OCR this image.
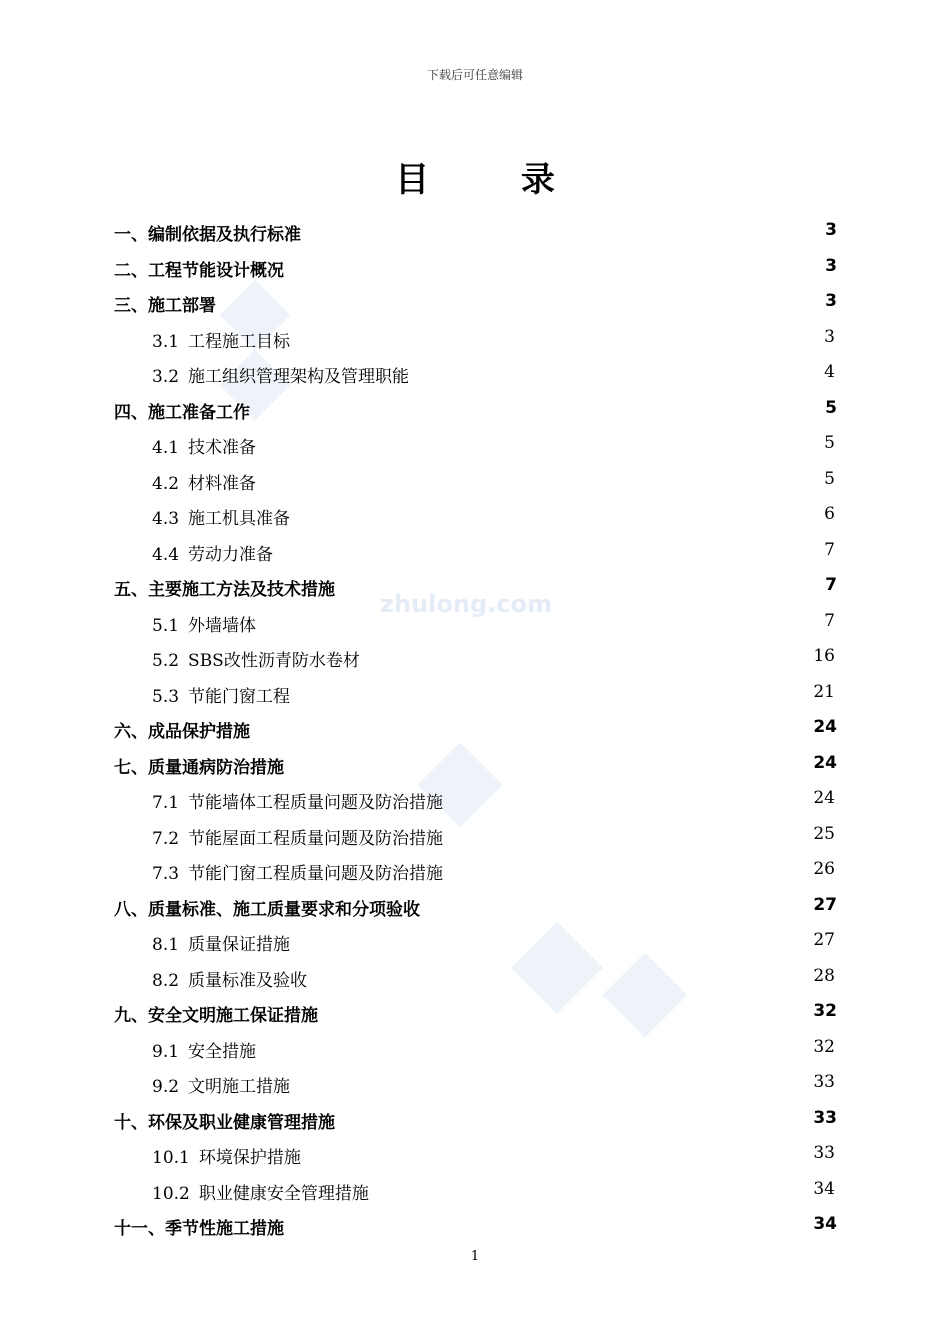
下载后可任意编辑
目 录
zhulong.com
一、编制依据及执行标准	3
二、工程节能设计概况	3
三、施工部署	3
3.1 工程施工目标	3
3.2 施工组织管理架构及管理职能	4
四、施工准备工作	5
4.1 技术准备	5
4.2 材料准备	5
4.3 施工机具准备	6
4.4 劳动力准备	7
五、主要施工方法及技术措施	7
5.1 外墙墙体	7
5.2 SBS改性沥青防水卷材	16
5.3 节能门窗工程	21
六、成品保护措施	24
七、质量通病防治措施	24
7.1 节能墙体工程质量问题及防治措施	24
7.2 节能屋面工程质量问题及防治措施	25
7.3 节能门窗工程质量问题及防治措施	26
八、质量标准、施工质量要求和分项验收	27
8.1 质量保证措施	27
8.2 质量标准及验收	28
九、安全文明施工保证措施	32
9.1 安全措施	32
9.2 文明施工措施	33
十、环保及职业健康管理措施	33
10.1 环境保护措施	33
10.2 职业健康安全管理措施	34
十一、季节性施工措施	34
1
